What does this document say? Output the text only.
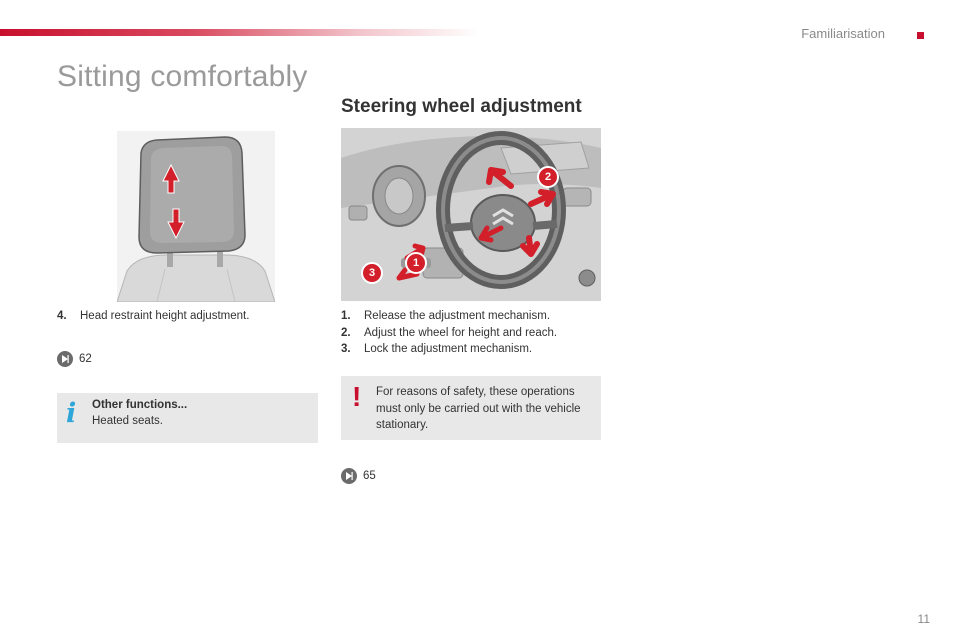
Familiarisation
Sitting comfortably
Steering wheel adjustment
4.	Head restraint height adjustment.
62
i Other functions...
Heated seats.
1
2
3
1.	Release the adjustment mechanism.
2.	Adjust the wheel for height and reach.
3.	Lock the adjustment mechanism.
! For reasons of safety, these operations must only be carried out with the vehicle stationary.
65
11
